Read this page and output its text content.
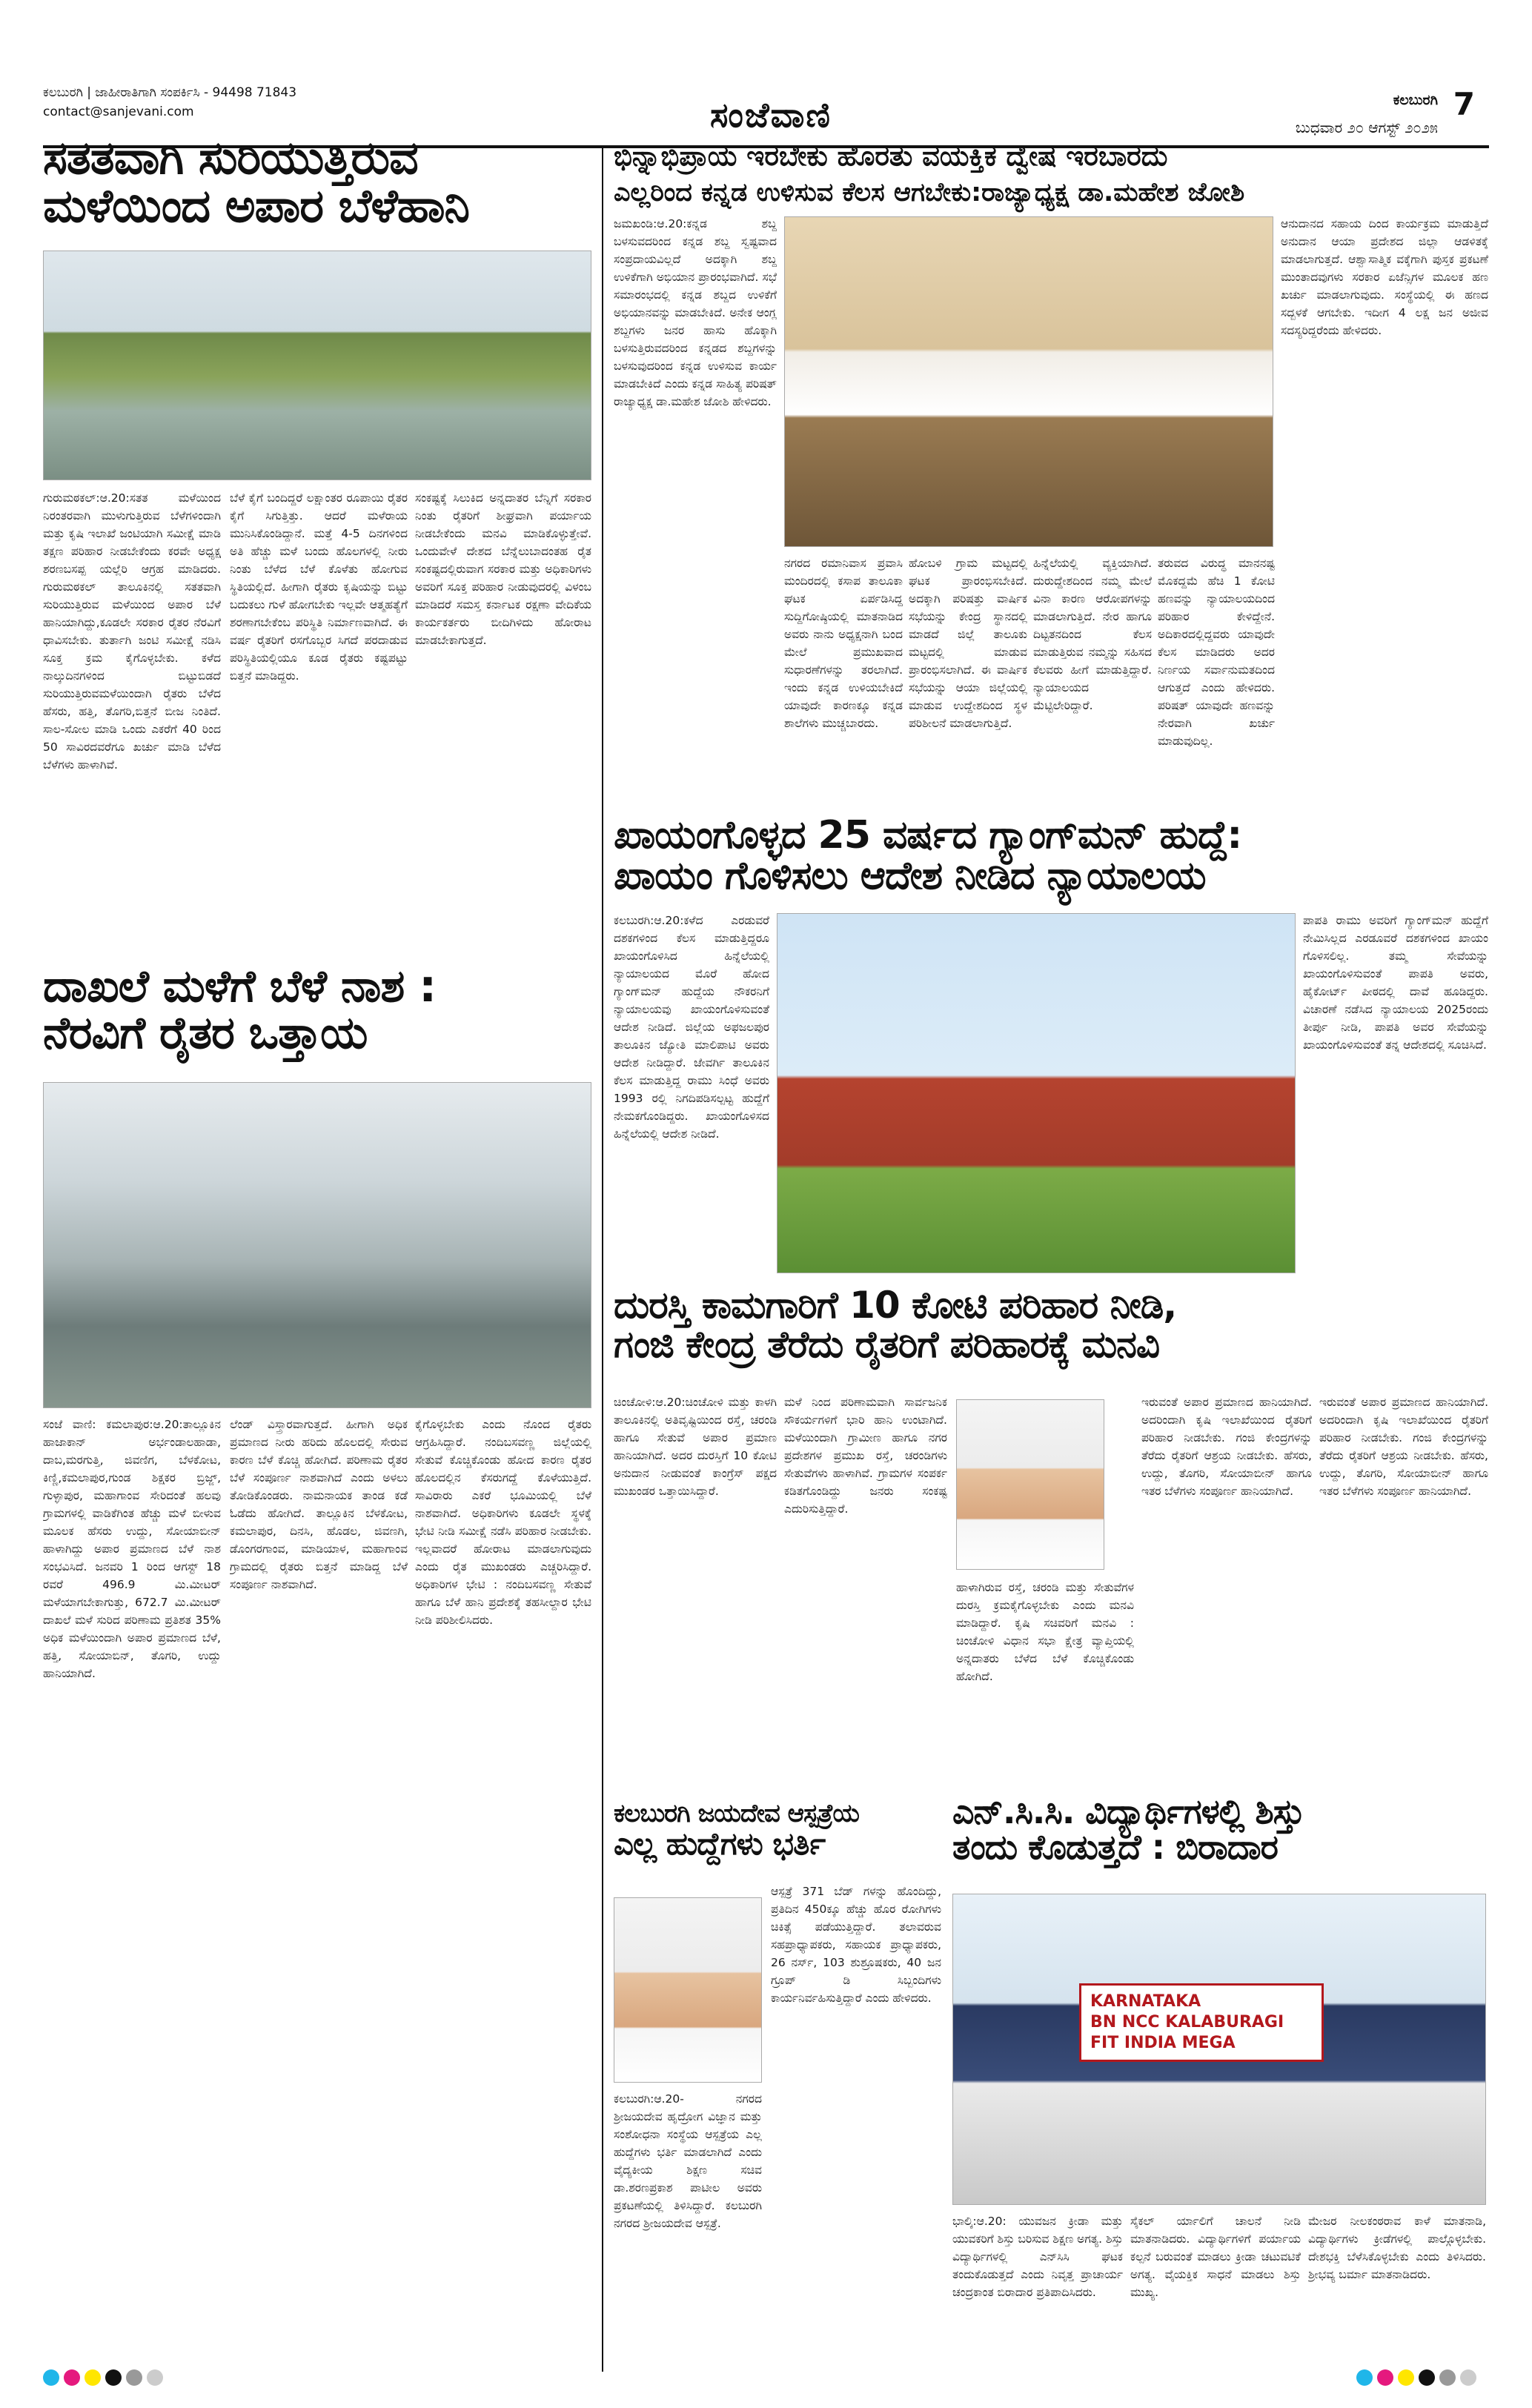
ಕಲಬುರಗಿ | ಜಾಹೀರಾತಿಗಾಗಿ ಸಂಪರ್ಕಿಸಿ - 94498 71843
contact@sanjevani.com	ಸಂಜೆವಾಣಿ	ಕಲಬುರಗಿ 7
ಬುಧವಾರ ೨೦ ಆಗಸ್ಟ್ ೨೦೨೫
ಸತತವಾಗಿ ಸುರಿಯುತ್ತಿರುವ
ಮಳೆಯಿಂದ ಅಪಾರ ಬೆಳೆಹಾನಿ
ಗುರುಮಠಕಲ್:ಆ.20:ಸತತ ಮಳೆಯಿಂದ ನಿರಂತರವಾಗಿ ಮುಳುಗುತ್ತಿರುವ ಬೆಳೆಗಳಿಂದಾಗಿ ಮತ್ತು ಕೃಷಿ ಇಲಾಖೆ ಜಂಟಿಯಾಗಿ ಸಮೀಕ್ಷೆ ಮಾಡಿ ತಕ್ಷಣ ಪರಿಹಾರ ನೀಡಬೇಕೆಂದು ಕರವೇ ಅಧ್ಯಕ್ಷ ಶರಣಬಸಪ್ಪ ಯಲ್ಲೆರಿ ಆಗ್ರಹ ಮಾಡಿದರು. ಗುರುಮಠಕಲ್ ತಾಲೂಕಿನಲ್ಲಿ ಸತತವಾಗಿ ಸುರಿಯುತ್ತಿರುವ ಮಳೆಯಿಂದ ಅಪಾರ ಬೆಳೆ ಹಾನಿಯಾಗಿದ್ದು,ಕೂಡಲೇ ಸರಕಾರ ರೈತರ ನೆರವಿಗೆ ಧಾವಿಸಬೇಕು. ತುರ್ತಾಗಿ ಜಂಟಿ ಸಮೀಕ್ಷೆ ನಡಿಸಿ ಸೂಕ್ತ ಕ್ರಮ ಕೈಗೊಳ್ಳಬೇಕು. ಕಳೆದ ನಾಲ್ಕುದಿನಗಳಿಂದ ಬಿಟ್ಟುಬಿಡದೆ ಸುರಿಯುತ್ತಿರುವಮಳೆಯಿಂದಾಗಿ ರೈತರು ಬೆಳೆದ ಹೆಸರು, ಹತ್ತಿ, ತೊಗರಿ,ಬಿತ್ತನೆ ಬೀಜ ನಿಂತಿದೆ. ಸಾಲ-ಸೋಲ ಮಾಡಿ ಒಂದು ಎಕರೆಗೆ 40 ರಿಂದ 50 ಸಾವಿರದವರೆಗೂ ಖರ್ಚು ಮಾಡಿ ಬೆಳೆದ ಬೆಳೆಗಳು ಹಾಳಾಗಿವೆ.
ಬೆಳೆ ಕೈಗೆ ಬಂದಿದ್ದರೆ ಲಕ್ಷಾಂತರ ರೂಪಾಯಿ ರೈತರ ಕೈಗೆ ಸಿಗುತ್ತಿತ್ತು. ಆದರೆ ಮಳೆರಾಯ ಮುನಿಸಿಕೊಂಡಿದ್ದಾನೆ. ಮತ್ತೆ 4-5 ದಿನಗಳಿಂದ ಅತಿ ಹೆಚ್ಚು ಮಳೆ ಬಂದು ಹೊಲಗಳಲ್ಲಿ ನೀರು ನಿಂತು ಬೆಳೆದ ಬೆಳೆ ಕೊಳೆತು ಹೋಗುವ ಸ್ಥಿತಿಯಲ್ಲಿದೆ. ಹೀಗಾಗಿ ರೈತರು ಕೃಷಿಯನ್ನು ಬಿಟ್ಟು ಬದುಕಲು ಗುಳೆ ಹೋಗಬೇಕು ಇಲ್ಲವೇ ಆತ್ಮಹತ್ಯೆಗೆ ಶರಣಾಗಬೇಕೆಂಬ ಪರಿಸ್ಥಿತಿ ನಿರ್ಮಾಣವಾಗಿದೆ. ಈ ವರ್ಷ ರೈತರಿಗೆ ರಸಗೊಬ್ಬರ ಸಿಗದೆ ಪರದಾಡುವ ಪರಿಸ್ಥಿತಿಯಲ್ಲಿಯೂ ಕೂಡ ರೈತರು ಕಷ್ಟಪಟ್ಟು ಬಿತ್ತನೆ ಮಾಡಿದ್ದರು.
ಸಂಕಷ್ಟಕ್ಕೆ ಸಿಲುಕಿದ ಅನ್ನದಾತರ ಬೆನ್ನಿಗೆ ಸರಕಾರ ನಿಂತು ರೈತರಿಗೆ ಶೀಘ್ರವಾಗಿ ಪರ್ಯಾಯ ನೀಡಬೇಕೆಂದು ಮನವಿ ಮಾಡಿಕೊಳ್ಳುತ್ತೇವೆ. ಒಂದುವೇಳೆ ದೇಶದ ಬೆನ್ನೆಲುಬಾದಂತಹ ರೈತ ಸಂಕಷ್ಟದಲ್ಲಿರುವಾಗ ಸರಕಾರ ಮತ್ತು ಅಧಿಕಾರಿಗಳು ಅವರಿಗೆ ಸೂಕ್ತ ಪರಿಹಾರ ನೀಡುವುದರಲ್ಲಿ ವಿಳಂಬ ಮಾಡಿದರೆ ಸಮಸ್ತ ಕರ್ನಾಟಕ ರಕ್ಷಣಾ ವೇದಿಕೆಯ ಕಾರ್ಯಕರ್ತರು ಬೀದಿಗಿಳಿದು ಹೋರಾಟ ಮಾಡಬೇಕಾಗುತ್ತದೆ.
ದಾಖಲೆ ಮಳೆಗೆ ಬೆಳೆ ನಾಶ :
ನೆರವಿಗೆ ರೈತರ ಒತ್ತಾಯ
ಸಂಜೆ ವಾಣಿ: ಕಮಲಾಪುರ:ಆ.20:ತಾಲ್ಲೂಕಿನ ಹಾಜಾಕಾನ್ ಅರ್ಭಂಡಾಲಹಾಡಾ, ದಾಬ,ಮರಗುತ್ತಿ, ಜಿವಣಿಗ, ಬೆಳಕೋಟ, ಕಿಣ್ಣಿ,ಕಮಲಾಪುರ,ಗುಂಡ ಶಿಕ್ಷಕರ ಬ್ರಿಜ್ಜ್, ಗುಳ್ಳಾಪುರ, ಮಹಾಗಾಂವ ಸೇರಿದಂತೆ ಹಲವು ಗ್ರಾಮಗಳಲ್ಲಿ ವಾಡಿಕೆಗಿಂತ ಹೆಚ್ಚು ಮಳೆ ಬೀಳುವ ಮೂಲಕ ಹೆಸರು ಉದ್ದು, ಸೋಯಾಬೀನ್ ಹಾಳಾಗಿದ್ದು ಅಪಾರ ಪ್ರಮಾಣದ ಬೆಳೆ ನಾಶ ಸಂಭವಿಸಿದೆ. ಜನವರಿ 1 ರಿಂದ ಆಗಸ್ಟ್ 18 ರವರೆ 496.9 ಮಿ.ಮೀಟರ್ ಮಳೆಯಾಗಬೇಕಾಗುತ್ತು, 672.7 ಮಿ.ಮೀಟರ್ ದಾಖಲೆ ಮಳೆ ಸುರಿದ ಪರಿಣಾಮ ಪ್ರತಿಶತ 35% ಅಧಿಕ ಮಳೆಯಿಂದಾಗಿ ಅಪಾರ ಪ್ರಮಾಣದ ಬೆಳೆ, ಹತ್ತಿ, ಸೋಯಾಬಿನ್, ತೊಗರಿ, ಉದ್ದು ಹಾನಿಯಾಗಿದೆ.
ಲೆಂಡ್ ವಿಸ್ತ್ರಾರವಾಗುತ್ತದೆ. ಹೀಗಾಗಿ ಅಧಿಕ ಪ್ರಮಾಣದ ನೀರು ಹರಿದು ಹೊಲದಲ್ಲಿ ಸೇರುವ ಕಾರಣ ಬೆಳೆ ಕೊಚ್ಚಿ ಹೋಗಿದೆ. ಪರಿಣಾಮ ರೈತರ ಬೆಳೆ ಸಂಪೂರ್ಣ ನಾಶವಾಗಿದೆ ಎಂದು ಅಳಲು ತೋಡಿಕೊಂಡರು. ನಾಮನಾಯಕ ತಾಂಡ ಕಡೆ ಓಡೆದು ಹೋಗಿದೆ. ತಾಲ್ಲೂಕಿನ ಬೆಳಕೋಟ, ಕಮಲಾಪುರ, ದಿನಸಿ, ಹೊಡಲ, ಜಿವಣಗಿ, ಡೊಂಗರಗಾಂವ, ಮಾಡಿಯಾಳ, ಮಹಾಗಾಂವ ಗ್ರಾಮದಲ್ಲಿ ರೈತರು ಬಿತ್ತನೆ ಮಾಡಿದ್ದ ಬೆಳೆ ಸಂಪೂರ್ಣ ನಾಶವಾಗಿದೆ.
ಕೈಗೊಳ್ಳಬೇಕು ಎಂದು ನೊಂದ ರೈತರು ಆಗ್ರಹಿಸಿದ್ದಾರೆ. ನಂದಿಬಸವಣ್ಣ ಜಿಲ್ಲೆಯಲ್ಲಿ ಸೇತುವೆ ಕೊಚ್ಚಿಕೊಂಡು ಹೋದ ಕಾರಣ ರೈತರ ಹೊಲದಲ್ಲಿನ ಕೆಸರುಗದ್ದೆ ಕೊಳೆಯುತ್ತಿದೆ. ಸಾವಿರಾರು ಎಕರೆ ಭೂಮಿಯಲ್ಲಿ ಬೆಳೆ ನಾಶವಾಗಿದೆ. ಅಧಿಕಾರಿಗಳು ಕೂಡಲೇ ಸ್ಥಳಕ್ಕೆ ಭೇಟಿ ನೀಡಿ ಸಮೀಕ್ಷೆ ನಡೆಸಿ ಪರಿಹಾರ ನೀಡಬೇಕು. ಇಲ್ಲವಾದರೆ ಹೋರಾಟ ಮಾಡಲಾಗುವುದು ಎಂದು ರೈತ ಮುಖಂಡರು ಎಚ್ಚರಿಸಿದ್ದಾರೆ. ಅಧಿಕಾರಿಗಳ ಭೇಟಿ : ನಂದಿಬಸವಣ್ಣ ಸೇತುವೆ ಹಾಗೂ ಬೆಳೆ ಹಾನಿ ಪ್ರದೇಶಕ್ಕೆ ತಹಸೀಲ್ದಾರ ಭೇಟಿ ನೀಡಿ ಪರಿಶೀಲಿಸಿದರು.
ಭಿನ್ನಾಭಿಪ್ರಾಯ ಇರಬೇಕು ಹೊರತು ವಯಕ್ತಿಕ ದ್ವೇಷ ಇರಬಾರದು
ಎಲ್ಲರಿಂದ ಕನ್ನಡ ಉಳಿಸುವ ಕೆಲಸ ಆಗಬೇಕು:ರಾಜ್ಯಾಧ್ಯಕ್ಷ ಡಾ.ಮಹೇಶ ಜೋಶಿ
ಜಮಖಂಡಿ:ಆ.20:ಕನ್ನಡ ಶಬ್ದ ಬಳಸುವದರಿಂದ ಕನ್ನಡ ಶಬ್ದ ಸ್ವಷ್ಟವಾದ ಸಂಪ್ರದಾಯವಿಲ್ಲದೆ ಅದಕ್ಕಾಗಿ ಶಬ್ದ ಉಳಿಕೆಗಾಗಿ ಅಭಿಯಾನ ಪ್ರಾರಂಭವಾಗಿದೆ. ಸಭೆ ಸಮಾರಂಭದಲ್ಲಿ ಕನ್ನಡ ಶಬ್ದದ ಉಳಿಕೆಗೆ ಅಭಿಯಾನವನ್ನು ಮಾಡಬೇಕಿದೆ. ಅನೇಕ ಆಂಗ್ಲ ಶಬ್ದಗಳು ಜನರ ಹಾಸು ಹೊಕ್ಕಾಗಿ ಬಳಸುತ್ತಿರುವದರಿಂದ ಕನ್ನಡದ ಶಬ್ದಗಳನ್ನು ಬಳಸುವುದರಿಂದ ಕನ್ನಡ ಉಳಿಸುವ ಕಾರ್ಯ ಮಾಡಬೇಕಿದೆ ಎಂದು ಕನ್ನಡ ಸಾಹಿತ್ಯ ಪರಿಷತ್ ರಾಜ್ಯಾಧ್ಯಕ್ಷ ಡಾ.ಮಹೇಶ ಜೋಶಿ ಹೇಳಿದರು.
ಆನುದಾನದ ಸಹಾಯ ದಿಂದ ಕಾರ್ಯಕ್ರಮ ಮಾಡುತ್ತಿದೆ ಅನುದಾನ ಆಯಾ ಪ್ರದೇಶದ ಜಿಲ್ಲಾ ಆಡಳಿತಕ್ಕೆ ಮಾಡಲಾಗುತ್ತದೆ. ಆಶ್ವಾಸಾತ್ಮಿಕ ವಕ್ಕೆಗಾಗಿ ಪುಸ್ತಕ ಪ್ರಕಟಣೆ ಮುಂತಾದವುಗಳು ಸರಕಾರ ಏಜೆನ್ಸಿಗಳ ಮೂಲಕ ಹಣ ಖರ್ಚು ಮಾಡಲಾಗುವುದು. ಸಂಸ್ಥೆಯಲ್ಲಿ ಈ ಹಣದ ಸದ್ಬಳಕೆ ಆಗಬೇಕು. ಇದೀಗ 4 ಲಕ್ಷ ಜನ ಅಜೀವ ಸದಸ್ಯರಿದ್ದರೆಂದು ಹೇಳಿದರು.
ನಗರದ ರಮಾನಿವಾಸ ಪ್ರವಾಸಿ ಮಂದಿರದಲ್ಲಿ ಕಸಾಪ ತಾಲೂಕಾ ಘಟಕ ಏರ್ಪಡಿಸಿದ್ದ ಸುದ್ದಿಗೋಷ್ಠಿಯಲ್ಲಿ ಮಾತನಾಡಿದ ಅವರು ನಾನು ಅಧ್ಯಕ್ಷನಾಗಿ ಬಂದ ಮೇಲೆ ಪ್ರಮುಖವಾದ ಸುಧಾರಣೆಗಳನ್ನು ತರಲಾಗಿದೆ. ಇಂದು ಕನ್ನಡ ಉಳಿಯಬೇಕಿದೆ ಯಾವುದೇ ಕಾರಣಕ್ಕೂ ಕನ್ನಡ ಶಾಲೆಗಳು ಮುಚ್ಚಬಾರದು.
ಹೋಬಳಿ ಗ್ರಾಮ ಮಟ್ಟದಲ್ಲಿ ಘಟಕ ಪ್ರಾರಂಭಿಸಬೇಕಿದೆ. ಅದಕ್ಕಾಗಿ ಪರಿಷತ್ತು ವಾರ್ಷಿಕ ಸಭೆಯನ್ನು ಕೇಂದ್ರ ಸ್ಥಾನದಲ್ಲಿ ಮಾಡದೆ ಜಿಲ್ಲೆ ತಾಲೂಕು ಮಟ್ಟದಲ್ಲಿ ಮಾಡುವ ಪ್ರಾರಂಭಿಸಲಾಗಿದೆ. ಈ ವಾರ್ಷಿಕ ಸಭೆಯನ್ನು ಆಯಾ ಜಿಲ್ಲೆಯಲ್ಲಿ ಮಾಡುವ ಉದ್ದೇಶದಿಂದ ಸ್ಥಳ ಪರಿಶೀಲನೆ ಮಾಡಲಾಗುತ್ತಿದೆ.
ಹಿನ್ನೆಲೆಯಲ್ಲಿ ವ್ಯಕ್ತಿಯಾಗಿದೆ. ದುರುದ್ದೇಶದಿಂದ ನಮ್ಮ ಮೇಲೆ ವಿನಾ ಕಾರಣ ಆರೋಪಗಳನ್ನು ಮಾಡಲಾಗುತ್ತಿದೆ. ನೇರ ಹಾಗೂ ದಿಟ್ಟತನದಿಂದ ಕೆಲಸ ಮಾಡುತ್ತಿರುವ ನಮ್ಮನ್ನು ಸಹಿಸದ ಕೆಲವರು ಹೀಗೆ ಮಾಡುತ್ತಿದ್ದಾರೆ. ನ್ಯಾಯಾಲಯದ ಮೆಟ್ಟಿಲೇರಿದ್ದಾರೆ.
ತರುವದ ವಿರುದ್ಧ ಮಾನನಷ್ಟ ಮೊಕದ್ದಮೆ ಹೆಚಿ 1 ಕೋಟಿ ಹಣವನ್ನು ನ್ಯಾಯಾಲಯದಿಂದ ಪರಿಹಾರ ಕೇಳಿದ್ದೇನೆ. ಅದಿಕಾರದಲ್ಲಿದ್ದವರು ಯಾವುದೇ ಕೆಲಸ ಮಾಡಿದರು ಅದರ ನಿರ್ಣಯ ಸರ್ವಾನುಮತದಿಂದ ಆಗುತ್ತದೆ ಎಂದು ಹೇಳಿದರು. ಪರಿಷತ್ ಯಾವುದೇ ಹಣವನ್ನು ನೇರವಾಗಿ ಖರ್ಚು ಮಾಡುವುದಿಲ್ಲ.
ಖಾಯಂಗೊಳ್ಳದ 25 ವರ್ಷದ ಗ್ಯಾಂಗ್‌ಮನ್ ಹುದ್ದೆ:
ಖಾಯಂ ಗೊಳಿಸಲು ಆದೇಶ ನೀಡಿದ ನ್ಯಾಯಾಲಯ
ಕಲಬುರಗಿ:ಆ.20:ಕಳೆದ ಎರಡುವರೆ ದಶಕಗಳಿಂದ ಕೆಲಸ ಮಾಡುತ್ತಿದ್ದರೂ ಖಾಯಂಗೊಳಿಸಿದ ಹಿನ್ನೆಲೆಯಲ್ಲಿ ನ್ಯಾಯಾಲಯದ ಮೊರೆ ಹೋದ ಗ್ಯಾಂಗ್‌ಮನ್ ಹುದ್ದೆಯ ನೌಕರನಿಗೆ ನ್ಯಾಯಾಲಯವು ಖಾಯಂಗೊಳಿಸುವಂತೆ ಆದೇಶ ನೀಡಿದೆ. ಜಿಲ್ಲೆಯ ಅಫಜಲಪುರ ತಾಲೂಕಿನ ಜ್ಯೋತಿ ಮಾಲಿಪಾಟಿ ಅವರು ಆದೇಶ ನೀಡಿದ್ದಾರೆ. ಜೇವರ್ಗಿ ತಾಲೂಕಿನ ಕೆಲಸ ಮಾಡುತ್ತಿದ್ದ ರಾಮು ಸಿಂಧೆ ಅವರು 1993 ರಲ್ಲಿ ನಿಗದಿಪಡಿಸಲ್ಪಟ್ಟ ಹುದ್ದೆಗೆ ನೇಮಕಗೊಂಡಿದ್ದರು. ಖಾಯಂಗೊಳಿಸದ ಹಿನ್ನೆಲೆಯಲ್ಲಿ ಆದೇಶ ನೀಡಿದೆ.
ಪಾಪತಿ ರಾಮು ಅವರಿಗೆ ಗ್ಯಾಂಗ್‌ಮನ್ ಹುದ್ದೆಗೆ ನೇಮಿಸಿಲ್ಲದ ಎರಡೂವರೆ ದಶಕಗಳಿಂದ ಖಾಯಂ ಗೊಳಿಸಲಿಲ್ಲ. ತಮ್ಮ ಸೇವೆಯನ್ನು ಖಾಯಂಗೊಳಿಸುವಂತೆ ಪಾಪತಿ ಅವರು, ಹೈಕೋರ್ಟ್ ಪೀಠದಲ್ಲಿ ದಾವೆ ಹೂಡಿದ್ದರು. ವಿಚಾರಣೆ ನಡೆಸಿದ ನ್ಯಾಯಾಲಯ 2025ರಂದು ತೀರ್ಪು ನೀಡಿ, ಪಾಪತಿ ಅವರ ಸೇವೆಯನ್ನು ಖಾಯಂಗೊಳಿಸುವಂತೆ ತನ್ನ ಆದೇಶದಲ್ಲಿ ಸೂಚಿಸಿದೆ.
ದುರಸ್ತಿ ಕಾಮಗಾರಿಗೆ 10 ಕೋಟಿ ಪರಿಹಾರ ನೀಡಿ,
ಗಂಜಿ ಕೇಂದ್ರ ತೆರೆದು ರೈತರಿಗೆ ಪರಿಹಾರಕ್ಕೆ ಮನವಿ
ಚಿಂಚೋಳಿ:ಆ.20:ಚಿಂಚೋಳಿ ಮತ್ತು ಕಾಳಗಿ ತಾಲೂಕಿನಲ್ಲಿ ಅತಿವೃಷ್ಟಿಯಿಂದ ರಸ್ತೆ, ಚರಂಡಿ ಹಾಗೂ ಸೇತುವೆ ಅಪಾರ ಪ್ರಮಾಣ ಹಾನಿಯಾಗಿದೆ. ಅದರ ದುರಸ್ತಿಗೆ 10 ಕೋಟಿ ಅನುದಾನ ನೀಡುವಂತೆ ಕಾಂಗ್ರೆಸ್ ಪಕ್ಷದ ಮುಖಂಡರ ಒತ್ತಾಯಿಸಿದ್ದಾರೆ.
ಮಳೆ ನಿಂದ ಪರಿಣಾಮವಾಗಿ ಸಾರ್ವಜನಿಕ ಸೌಕರ್ಯಗಳಿಗೆ ಭಾರಿ ಹಾನಿ ಉಂಟಾಗಿದೆ. ಮಳೆಯಿಂದಾಗಿ ಗ್ರಾಮೀಣ ಹಾಗೂ ನಗರ ಪ್ರದೇಶಗಳ ಪ್ರಮುಖ ರಸ್ತೆ, ಚರಂಡಿಗಳು ಸೇತುವೆಗಳು ಹಾಳಾಗಿವೆ. ಗ್ರಾಮಗಳ ಸಂಪರ್ಕ ಕಡಿತಗೊಂಡಿದ್ದು ಜನರು ಸಂಕಷ್ಟ ಎದುರಿಸುತ್ತಿದ್ದಾರೆ.
ಹಾಳಾಗಿರುವ ರಸ್ತೆ, ಚರಂಡಿ ಮತ್ತು ಸೇತುವೆಗಳ ದುರಸ್ತಿ ಕ್ರಮಕೈಗೊಳ್ಳಬೇಕು ಎಂದು ಮನವಿ ಮಾಡಿದ್ದಾರೆ. ಕೃಷಿ ಸಚಿವರಿಗೆ ಮನವಿ : ಚಿಂಚೋಳಿ ವಿಧಾನ ಸಭಾ ಕ್ಷೇತ್ರ ವ್ಯಾಪ್ತಿಯಲ್ಲಿ ಅನ್ನದಾತರು ಬೆಳೆದ ಬೆಳೆ ಕೊಚ್ಚಿಕೊಂಡು ಹೋಗಿದೆ.
ಇರುವಂತೆ ಅಪಾರ ಪ್ರಮಾಣದ ಹಾನಿಯಾಗಿದೆ. ಅದರಿಂದಾಗಿ ಕೃಷಿ ಇಲಾಖೆಯಿಂದ ರೈತರಿಗೆ ಪರಿಹಾರ ನೀಡಬೇಕು. ಗಂಜಿ ಕೇಂದ್ರಗಳನ್ನು ತೆರೆದು ರೈತರಿಗೆ ಆಶ್ರಯ ನೀಡಬೇಕು. ಹೆಸರು, ಉದ್ದು, ತೊಗರಿ, ಸೋಯಾಬೀನ್ ಹಾಗೂ ಇತರ ಬೆಳೆಗಳು ಸಂಪೂರ್ಣ ಹಾನಿಯಾಗಿದೆ.
ಇರುವಂತೆ ಅಪಾರ ಪ್ರಮಾಣದ ಹಾನಿಯಾಗಿದೆ. ಅದರಿಂದಾಗಿ ಕೃಷಿ ಇಲಾಖೆಯಿಂದ ರೈತರಿಗೆ ಪರಿಹಾರ ನೀಡಬೇಕು. ಗಂಜಿ ಕೇಂದ್ರಗಳನ್ನು ತೆರೆದು ರೈತರಿಗೆ ಆಶ್ರಯ ನೀಡಬೇಕು. ಹೆಸರು, ಉದ್ದು, ತೊಗರಿ, ಸೋಯಾಬೀನ್ ಹಾಗೂ ಇತರ ಬೆಳೆಗಳು ಸಂಪೂರ್ಣ ಹಾನಿಯಾಗಿದೆ.
ಕಲಬುರಗಿ ಜಯದೇವ ಆಸ್ಪತ್ರೆಯ
ಎಲ್ಲ ಹುದ್ದೆಗಳು ಭರ್ತಿ
ಕಲಬುರಗಿ:ಆ.20- ನಗರದ ಶ್ರೀಜಯದೇವ ಹೃದ್ರೋಗ ವಿಜ್ಞಾನ ಮತ್ತು ಸಂಶೋಧನಾ ಸಂಸ್ಥೆಯ ಆಸ್ಪತ್ರೆಯ ಎಲ್ಲ ಹುದ್ದೆಗಳು ಭರ್ತಿ ಮಾಡಲಾಗಿದೆ ಎಂದು ವೈದ್ಯಕೀಯ ಶಿಕ್ಷಣ ಸಚಿವ ಡಾ.ಶರಣಪ್ರಕಾಶ ಪಾಟೀಲ ಅವರು ಪ್ರಕಟಣೆಯಲ್ಲಿ ತಿಳಿಸಿದ್ದಾರೆ. ಕಲಬುರಗಿ ನಗರದ ಶ್ರೀಜಯದೇವ ಆಸ್ಪತ್ರೆ.
ಆಸ್ಪತ್ರೆ 371 ಬೆಡ್ ಗಳನ್ನು ಹೊಂದಿದ್ದು, ಪ್ರತಿದಿನ 450ಕ್ಕೂ ಹೆಚ್ಚು ಹೊರ ರೋಗಿಗಳು ಚಿಕಿತ್ಸೆ ಪಡೆಯುತ್ತಿದ್ದಾರೆ. ತಲಾವರುವ ಸಹಪ್ರಾಧ್ಯಾಪಕರು, ಸಹಾಯಕ ಪ್ರಾಧ್ಯಾಪಕರು, 26 ನರ್ಸ್, 103 ಶುಶ್ರೂಷಕರು, 40 ಜನ ಗ್ರೂಪ್ ಡಿ ಸಿಬ್ಬಂದಿಗಳು ಕಾರ್ಯನಿರ್ವಹಿಸುತ್ತಿದ್ದಾರೆ ಎಂದು ಹೇಳಿದರು.
ಎನ್.ಸಿ.ಸಿ. ವಿದ್ಯಾರ್ಥಿಗಳಲ್ಲಿ ಶಿಸ್ತು
ತಂದು ಕೊಡುತ್ತದೆ : ಬಿರಾದಾರ
KARNATAKA
BN NCC KALABURAGI
FIT INDIA MEGA
ಭಾಲ್ಕಿ:ಆ.20: ಯುವಜನ ಕ್ರೀಡಾ ಮತ್ತು ಯುವಕರಿಗೆ ಶಿಸ್ತು ಬರಿಸುವ ಶಿಕ್ಷಣ ಅಗತ್ಯ. ಶಿಸ್ತು ವಿದ್ಯಾರ್ಥಿಗಳಲ್ಲಿ ಎನ್‌ಸಿಸಿ ಘಟಕ ತಂದುಕೊಡುತ್ತದೆ ಎಂದು ನಿವೃತ್ತ ಪ್ರಾಚಾರ್ಯ ಚಂದ್ರಕಾಂತ ಬಿರಾದಾರ ಪ್ರತಿಪಾದಿಸಿದರು.
ಸೈಕಲ್ ರ್ಯಾಲಿಗೆ ಚಾಲನೆ ನೀಡಿ ಮಾತನಾಡಿದರು. ವಿದ್ಯಾರ್ಥಿಗಳಿಗೆ ಪರ್ಯಾಯ ಕಲ್ಪನೆ ಬರುವಂತೆ ಮಾಡಲು ಕ್ರೀಡಾ ಚಟುವಟಿಕೆ ಅಗತ್ಯ. ವೈಯಕ್ತಿಕ ಸಾಧನೆ ಮಾಡಲು ಶಿಸ್ತು ಮುಖ್ಯ.
ಮೇಜರ ನೀಲಕಂಠರಾವ ಕಾಳೆ ಮಾತನಾಡಿ, ವಿದ್ಯಾರ್ಥಿಗಳು ಕ್ರೀಡೆಗಳಲ್ಲಿ ಪಾಲ್ಗೊಳ್ಳಬೇಕು. ದೇಶಭಕ್ತಿ ಬೆಳೆಸಿಕೊಳ್ಳಬೇಕು ಎಂದು ತಿಳಿಸಿದರು. ಶ್ರೀಭವ್ಯ ಬರ್ಮಾ ಮಾತನಾಡಿದರು.
